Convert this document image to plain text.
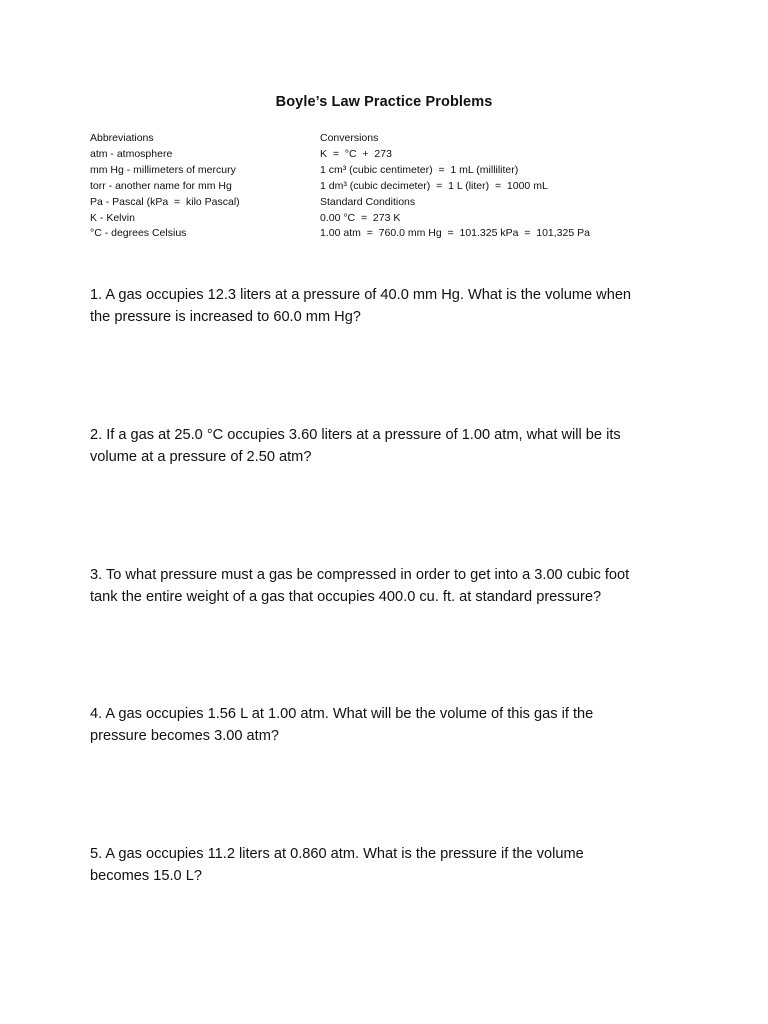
Boyle’s Law Practice Problems
Abbreviations
atm - atmosphere
mm Hg - millimeters of mercury
torr - another name for mm Hg
Pa - Pascal (kPa  =  kilo Pascal)
K - Kelvin
°C - degrees Celsius
Conversions
K  =  °C  +  273
1 cm³ (cubic centimeter)  =  1 mL (milliliter)
1 dm³ (cubic decimeter)  =  1 L (liter)  =  1000 mL
Standard Conditions
0.00 °C  =  273 K
1.00 atm  =  760.0 mm Hg  =  101.325 kPa  =  101,325 Pa
1. A gas occupies 12.3 liters at a pressure of 40.0 mm Hg. What is the volume when
the pressure is increased to 60.0 mm Hg?
2. If a gas at 25.0 °C occupies 3.60 liters at a pressure of 1.00 atm, what will be its
volume at a pressure of 2.50 atm?
3. To what pressure must a gas be compressed in order to get into a 3.00 cubic foot
tank the entire weight of a gas that occupies 400.0 cu. ft. at standard pressure?
4. A gas occupies 1.56 L at 1.00 atm. What will be the volume of this gas if the
pressure becomes 3.00 atm?
5. A gas occupies 11.2 liters at 0.860 atm. What is the pressure if the volume
becomes 15.0 L?
